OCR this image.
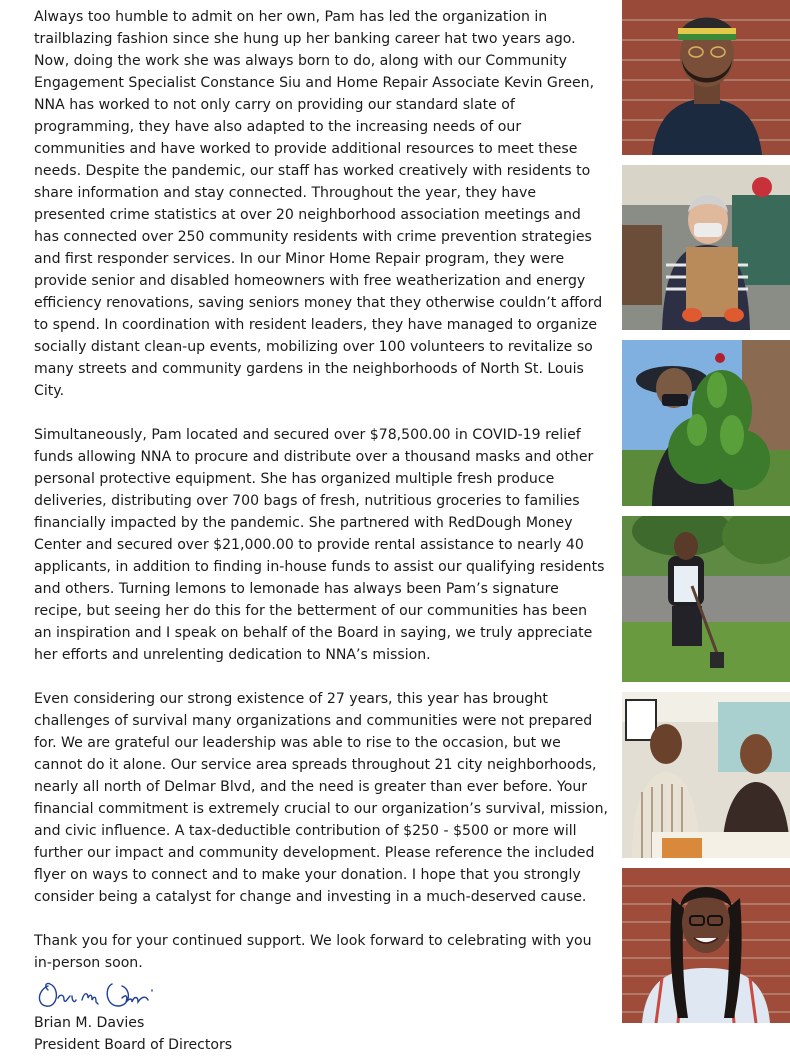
Always too humble to admit on her own, Pam has led the organization in trailblazing fashion since she hung up her banking career hat two years ago. Now, doing the work she was always born to do, along with our Community Engagement Specialist Constance Siu and Home Repair Associate Kevin Green, NNA has worked to not only carry on providing our standard slate of programming, they have also adapted to the increasing needs of our communities and have worked to provide additional resources to meet these needs. Despite the pandemic, our staff has worked creatively with residents to share information and stay connected. Throughout the year, they have presented crime statistics at over 20 neighborhood association meetings and has connected over 250 community residents with crime prevention strategies and first responder services. In our Minor Home Repair program, they were provide senior and disabled homeowners with free weatherization and energy efficiency renovations, saving seniors money that they otherwise couldn’t afford to spend. In coordination with resident leaders, they have managed to organize socially distant clean-up events, mobilizing over 100 volunteers to revitalize so many streets and community gardens in the neighborhoods of North St. Louis City.

Simultaneously, Pam located and secured over $78,500.00 in COVID-19 relief funds allowing NNA to procure and distribute over a thousand masks and other personal protective equipment. She has organized multiple fresh produce deliveries, distributing over 700 bags of fresh, nutritious groceries to families financially impacted by the pandemic. She partnered with RedDough Money Center and secured over $21,000.00 to provide rental assistance to nearly 40 applicants, in addition to finding in-house funds to assist our qualifying residents and others. Turning lemons to lemonade has always been Pam’s signature recipe, but seeing her do this for the betterment of our communities has been an inspiration and I speak on behalf of the Board in saying, we truly appreciate her efforts and unrelenting dedication to NNA’s mission.

Even considering our strong existence of 27 years, this year has brought challenges of survival many organizations and communities were not prepared for. We are grateful our leadership was able to rise to the occasion, but we cannot do it alone. Our service area spreads throughout 21 city neighborhoods, nearly all north of Delmar Blvd, and the need is greater than ever before. Your financial commitment is extremely crucial to our organization’s survival, mission, and civic influence. A tax-deductible contribution of $250 - $500 or more will further our impact and community development. Please reference the included flyer on ways to connect and to make your donation. I hope that you strongly consider being a catalyst for change and investing in a much-deserved cause.

Thank you for your continued support. We look forward to celebrating with you in-person soon.

Brian M. Davies
President Board of Directors
